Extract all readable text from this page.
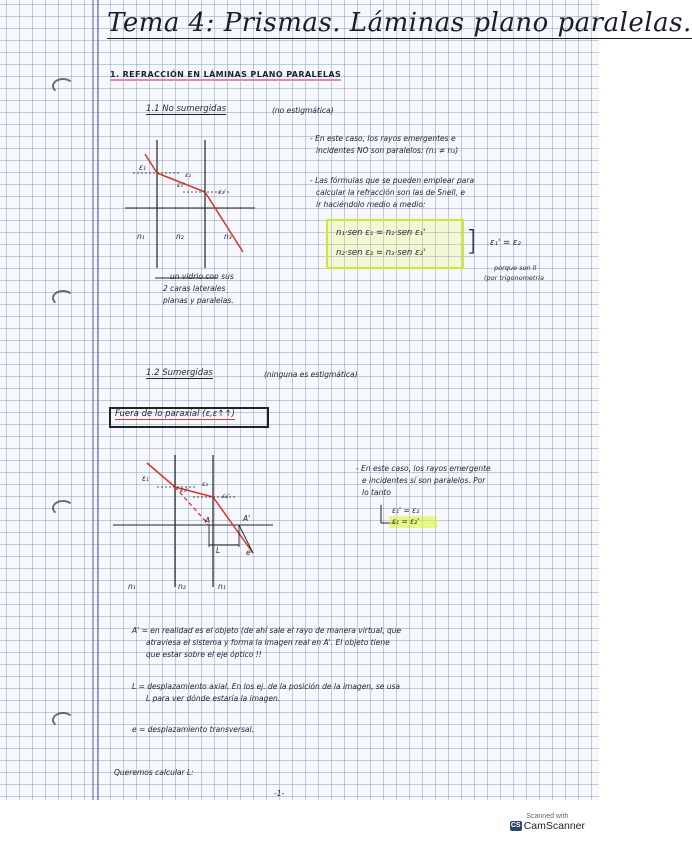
Tema 4: Prismas. Láminas plano paralelas.
1. REFRACCIÓN EN LÁMINAS PLANO PARALELAS
1.1 No sumergidas	(no estigmática)
- En este caso, los rayos emergentes e
incidentes NO son paralelos: (n₁ ≠ n₃)
- Las fórmulas que se pueden emplear para
calcular la refracción son las de Snell, e
ir haciéndolo medio a medio:
n₁·sen ε₁ = n₂·sen ε₁'
n₂·sen ε₂ = n₃·sen ε₂' ] ε₁' = ε₂
porque son ll
(por trigonometría
ε₁
ε₁'
ε₂
ε₂'
n₁	n₂	n₃
un vidrio con sus
2 caras laterales
planas y paralelas.
1.2 Sumergidas	(ninguna es estigmática)
Fuera de lo paraxial (ε,ε↑↑)
ε₁
ε₁'
ε₂
ε₂'
A	A'
L	e
n₁	n₂	n₁
- En este caso, los rayos emergente
e incidentes sí son paralelos. Por
lo tanto
ε₁' = ε₂
ε₁ = ε₂'
A' = en realidad es el objeto (de ahí sale el rayo de manera virtual, que
atraviesa el sistema y forma la imagen real en A'. El objeto tiene
que estar sobre el eje óptico !!
L = desplazamiento axial. En los ej. de la posición de la imagen, se usa
L para ver dónde estaría la imagen.
e = desplazamiento transversal.
Queremos calcular L:
-1-
Scanned with
CS CamScanner
